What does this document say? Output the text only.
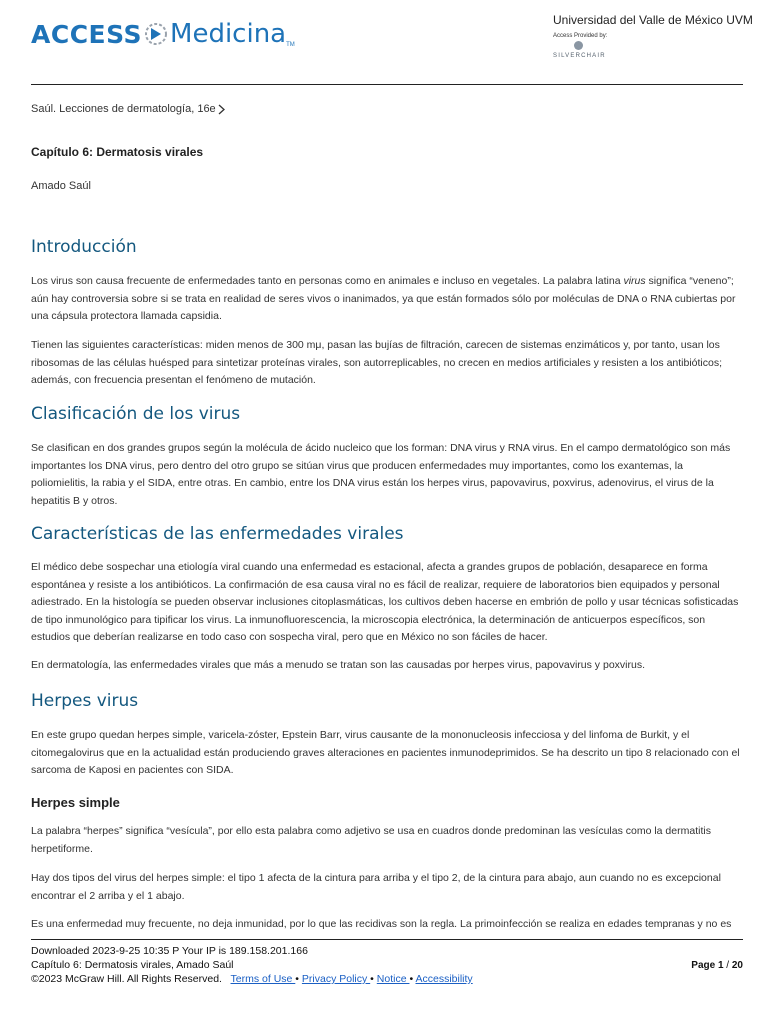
ACCESS Medicina TM
Universidad del Valle de México UVM
Access Provided by:
SILVERCHAIR
Saúl. Lecciones de dermatología, 16e
Capítulo 6: Dermatosis virales
Amado Saúl
Introducción

Los virus son causa frecuente de enfermedades tanto en personas como en animales e incluso en vegetales. La palabra latina virus significa “veneno”; aún hay controversia sobre si se trata en realidad de seres vivos o inanimados, ya que están formados sólo por moléculas de DNA o RNA cubiertas por una cápsula protectora llamada capsidia.

Tienen las siguientes características: miden menos de 300 mμ, pasan las bujías de filtración, carecen de sistemas enzimáticos y, por tanto, usan los ribosomas de las células huésped para sintetizar proteínas virales, son autorreplicables, no crecen en medios artificiales y resisten a los antibióticos; además, con frecuencia presentan el fenómeno de mutación.

Clasificación de los virus

Se clasifican en dos grandes grupos según la molécula de ácido nucleico que los forman: DNA virus y RNA virus. En el campo dermatológico son más importantes los DNA virus, pero dentro del otro grupo se sitúan virus que producen enfermedades muy importantes, como los exantemas, la poliomielitis, la rabia y el SIDA, entre otras. En cambio, entre los DNA virus están los herpes virus, papovavirus, poxvirus, adenovirus, el virus de la hepatitis B y otros.

Características de las enfermedades virales

El médico debe sospechar una etiología viral cuando una enfermedad es estacional, afecta a grandes grupos de población, desaparece en forma espontánea y resiste a los antibióticos. La confirmación de esa causa viral no es fácil de realizar, requiere de laboratorios bien equipados y personal adiestrado. En la histología se pueden observar inclusiones citoplasmáticas, los cultivos deben hacerse en embrión de pollo y usar técnicas sofisticadas de tipo inmunológico para tipificar los virus. La inmunofluorescencia, la microscopia electrónica, la determinación de anticuerpos específicos, son estudios que deberían realizarse en todo caso con sospecha viral, pero que en México no son fáciles de hacer.

En dermatología, las enfermedades virales que más a menudo se tratan son las causadas por herpes virus, papovavirus y poxvirus.

Herpes virus

En este grupo quedan herpes simple, varicela-zóster, Epstein Barr, virus causante de la mononucleosis infecciosa y del linfoma de Burkit, y el citomegalovirus que en la actualidad están produciendo graves alteraciones en pacientes inmunodeprimidos. Se ha descrito un tipo 8 relacionado con el sarcoma de Kaposi en pacientes con SIDA.

Herpes simple

La palabra “herpes” significa “vesícula”, por ello esta palabra como adjetivo se usa en cuadros donde predominan las vesículas como la dermatitis herpetiforme.

Hay dos tipos del virus del herpes simple: el tipo 1 afecta de la cintura para arriba y el tipo 2, de la cintura para abajo, aun cuando no es excepcional encontrar el 2 arriba y el 1 abajo.

Es una enfermedad muy frecuente, no deja inmunidad, por lo que las recidivas son la regla. La primoinfección se realiza en edades tempranas y no es

Downloaded 2023-9-25 10:35 P Your IP is 189.158.201.166
Capítulo 6: Dermatosis virales, Amado Saúl
©2023 McGraw Hill. All Rights Reserved. Terms of Use • Privacy Policy • Notice • Accessibility
Page 1 / 20
